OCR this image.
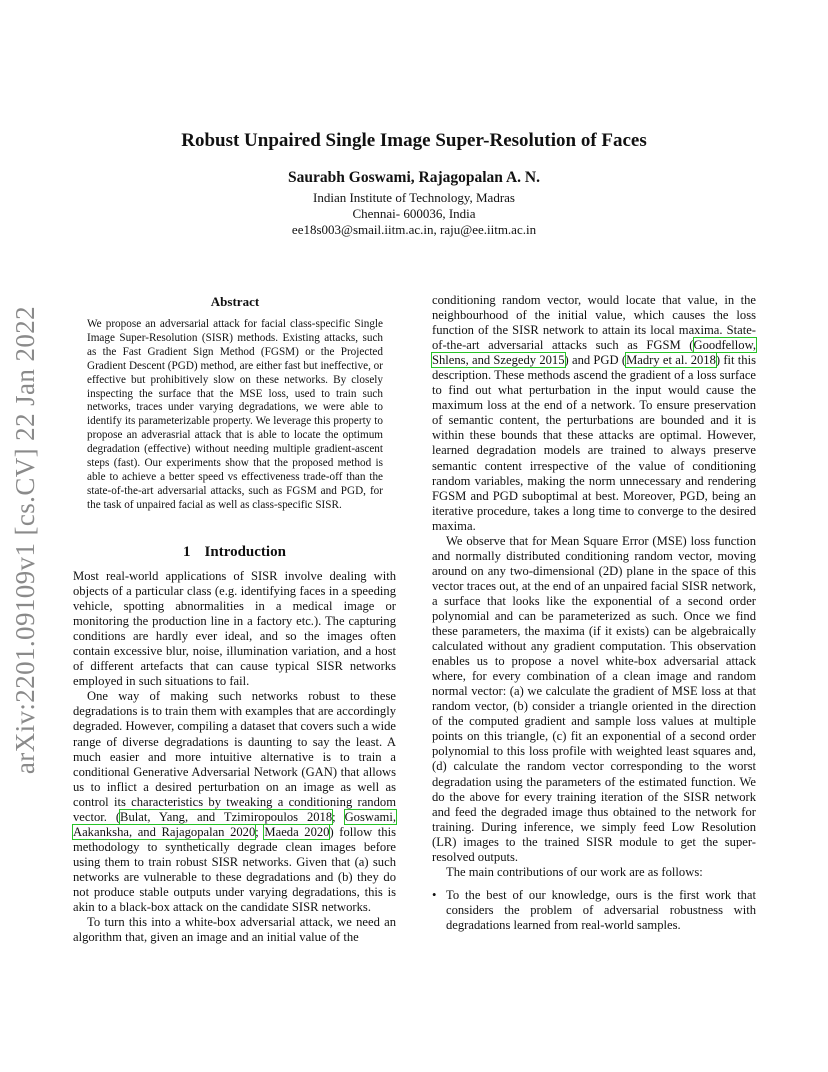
Robust Unpaired Single Image Super-Resolution of Faces
Saurabh Goswami, Rajagopalan A. N.
Indian Institute of Technology, Madras
Chennai- 600036, India
ee18s003@smail.iitm.ac.in, raju@ee.iitm.ac.in
arXiv:2201.09109v1 [cs.CV] 22 Jan 2022
Abstract
We propose an adversarial attack for facial class-specific Single Image Super-Resolution (SISR) methods. Existing attacks, such as the Fast Gradient Sign Method (FGSM) or the Projected Gradient Descent (PGD) method, are either fast but ineffective, or effective but prohibitively slow on these networks. By closely inspecting the surface that the MSE loss, used to train such networks, traces under varying degradations, we were able to identify its parameterizable property. We leverage this property to propose an adverasrial attack that is able to locate the optimum degradation (effective) without needing multiple gradient-ascent steps (fast). Our experiments show that the proposed method is able to achieve a better speed vs effectiveness trade-off than the state-of-the-art adversarial attacks, such as FGSM and PGD, for the task of unpaired facial as well as class-specific SISR.
1 Introduction

Most real-world applications of SISR involve dealing with objects of a particular class (e.g. identifying faces in a speeding vehicle, spotting abnormalities in a medical image or monitoring the production line in a factory etc.). The capturing conditions are hardly ever ideal, and so the images often contain excessive blur, noise, illumination variation, and a host of different artefacts that can cause typical SISR networks employed in such situations to fail.

One way of making such networks robust to these degradations is to train them with examples that are accordingly degraded. However, compiling a dataset that covers such a wide range of diverse degradations is daunting to say the least. A much easier and more intuitive alternative is to train a conditional Generative Adversarial Network (GAN) that allows us to inflict a desired perturbation on an image as well as control its characteristics by tweaking a conditioning random vector. (Bulat, Yang, and Tzimiropoulos 2018; Goswami, Aakanksha, and Rajagopalan 2020; Maeda 2020) follow this methodology to synthetically degrade clean images before using them to train robust SISR networks. Given that (a) such networks are vulnerable to these degradations and (b) they do not produce stable outputs under varying degradations, this is akin to a black-box attack on the candidate SISR networks.

To turn this into a white-box adversarial attack, we need an algorithm that, given an image and an initial value of the

conditioning random vector, would locate that value, in the neighbourhood of the initial value, which causes the loss function of the SISR network to attain its local maxima. State-of-the-art adversarial attacks such as FGSM (Goodfellow, Shlens, and Szegedy 2015) and PGD (Madry et al. 2018) fit this description. These methods ascend the gradient of a loss surface to find out what perturbation in the input would cause the maximum loss at the end of a network. To ensure preservation of semantic content, the perturbations are bounded and it is within these bounds that these attacks are optimal. However, learned degradation models are trained to always preserve semantic content irrespective of the value of conditioning random variables, making the norm unnecessary and rendering FGSM and PGD suboptimal at best. Moreover, PGD, being an iterative procedure, takes a long time to converge to the desired maxima.

We observe that for Mean Square Error (MSE) loss function and normally distributed conditioning random vector, moving around on any two-dimensional (2D) plane in the space of this vector traces out, at the end of an unpaired facial SISR network, a surface that looks like the exponential of a second order polynomial and can be parameterized as such. Once we find these parameters, the maxima (if it exists) can be algebraically calculated without any gradient computation. This observation enables us to propose a novel white-box adversarial attack where, for every combination of a clean image and random normal vector: (a) we calculate the gradient of MSE loss at that random vector, (b) consider a triangle oriented in the direction of the computed gradient and sample loss values at multiple points on this triangle, (c) fit an exponential of a second order polynomial to this loss profile with weighted least squares and, (d) calculate the random vector corresponding to the worst degradation using the parameters of the estimated function. We do the above for every training iteration of the SISR network and feed the degraded image thus obtained to the network for training. During inference, we simply feed Low Resolution (LR) images to the trained SISR module to get the super-resolved outputs.

The main contributions of our work are as follows:

• To the best of our knowledge, ours is the first work that considers the problem of adversarial robustness with degradations learned from real-world samples.
